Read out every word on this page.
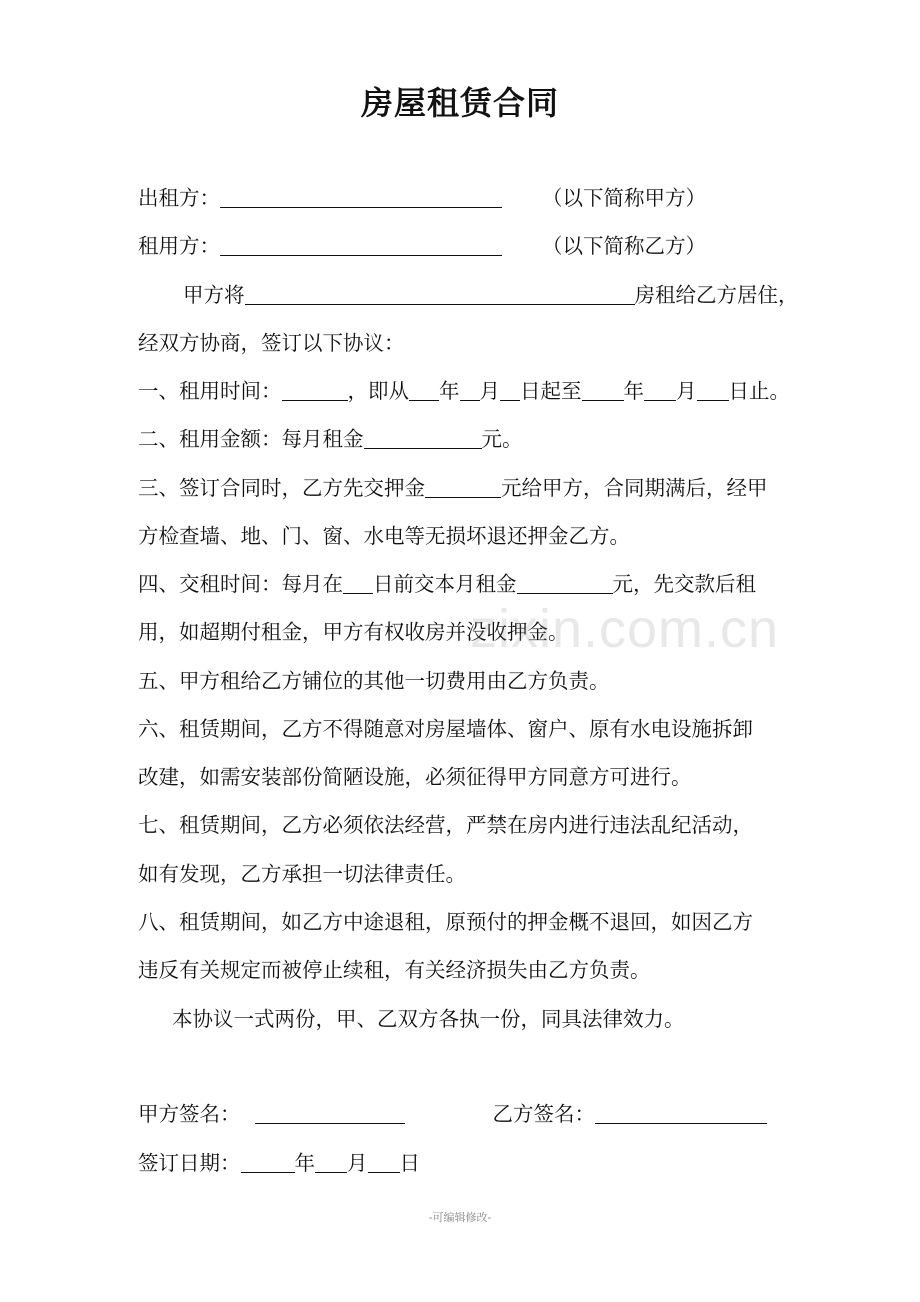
房屋租赁合同
出租方：	（以下简称甲方）
租用方：	（以下简称乙方）
甲方将	房租给乙方居住，
经双方协商，签订以下协议：
一、租用时间：	，即从 年 月 日起至 年 月 日止。
二、租用金额：每月租金	元。
三、签订合同时，乙方先交押金	元给甲方，合同期满后，经甲
方检查墙、地、门、窗、水电等无损坏退还押金乙方。
四、交租时间：每月在 日前交本月租金	元，先交款后租
用，如超期付租金，甲方有权收房并没收押金。
五、甲方租给乙方铺位的其他一切费用由乙方负责。
六、租赁期间，乙方不得随意对房屋墙体、窗户、原有水电设施拆卸
改建，如需安装部份简陋设施，必须征得甲方同意方可进行。
七、租赁期间，乙方必须依法经营，严禁在房内进行违法乱纪活动，
如有发现，乙方承担一切法律责任。
八、租赁期间，如乙方中途退租，原预付的押金概不退回，如因乙方
违反有关规定而被停止续租，有关经济损失由乙方负责。
本协议一式两份，甲、乙双方各执一份，同具法律效力。
甲方签名：	乙方签名：
签订日期：	年 月 日
zixin.com.cn
-可编辑修改-
